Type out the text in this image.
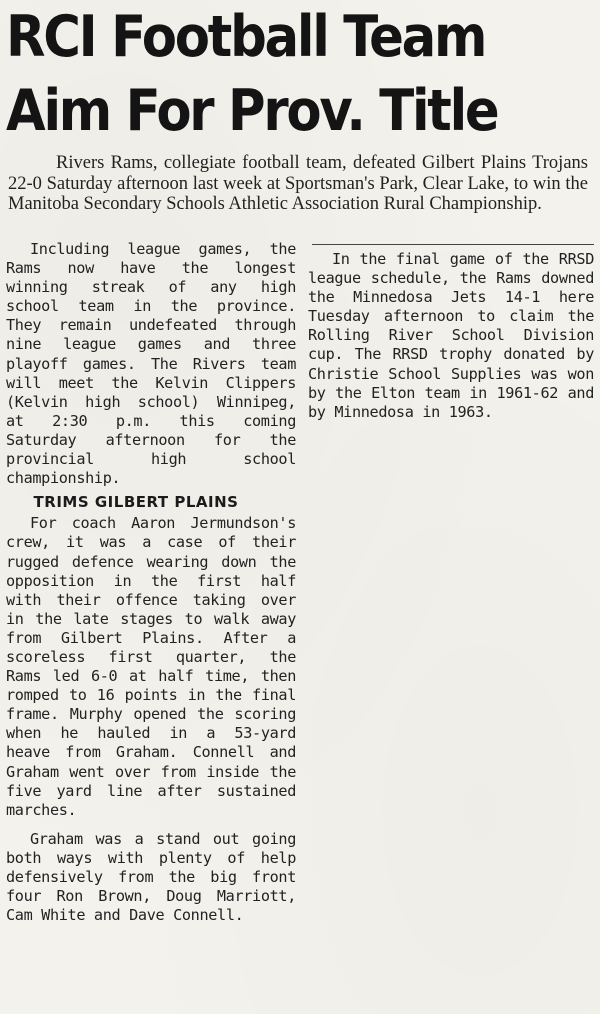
RCI Football Team
Aim For Prov. Title

Rivers Rams, collegiate football team, defeated Gilbert Plains Trojans 22-0 Saturday afternoon last week at Sportsman's Park, Clear Lake, to win the Manitoba Secondary Schools Athletic Association Rural Championship.

Including league games, the Rams now have the longest winning streak of any high school team in the province. They remain undefeated through nine league games and three playoff games. The Rivers team will meet the Kelvin Clippers (Kelvin high school) Winnipeg, at 2:30 p.m. this coming Saturday afternoon for the provincial high school championship.

TRIMS GILBERT PLAINS

For coach Aaron Jermundson's crew, it was a case of their rugged defence wearing down the opposition in the first half with their offence taking over in the late stages to walk away from Gilbert Plains. After a scoreless first quarter, the Rams led 6-0 at half time, then romped to 16 points in the final frame. Murphy opened the scoring when he hauled in a 53-yard heave from Graham. Connell and Graham went over from inside the five yard line after sustained marches.

Graham was a stand out going both ways with plenty of help defensively from the big front four Ron Brown, Doug Marriott, Cam White and Dave Connell.

In the final game of the RRSD league schedule, the Rams downed the Minnedosa Jets 14-1 here Tuesday afternoon to claim the Rolling River School Division cup. The RRSD trophy donated by Christie School Supplies was won by the Elton team in 1961-62 and by Minnedosa in 1963.
